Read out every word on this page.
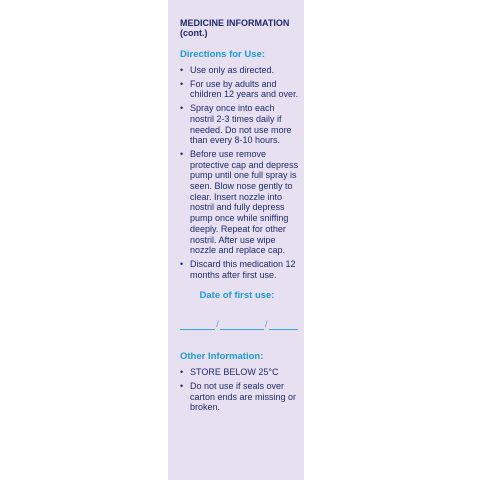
MEDICINE INFORMATION
(cont.)
Directions for Use:
• Use only as directed.
• For use by adults and children 12 years and over.
• Spray once into each nostril 2-3 times daily if needed. Do not use more than every 8-10 hours.
• Before use remove protective cap and depress pump until one full spray is seen. Blow nose gently to clear. Insert nozzle into nostril and fully depress pump once while sniffing deeply. Repeat for other nostril. After use wipe nozzle and replace cap.
• Discard this medication 12 months after first use.
Date of first use:
/	/
Other Information:
• STORE BELOW 25°C
• Do not use if seals over carton ends are missing or broken.
